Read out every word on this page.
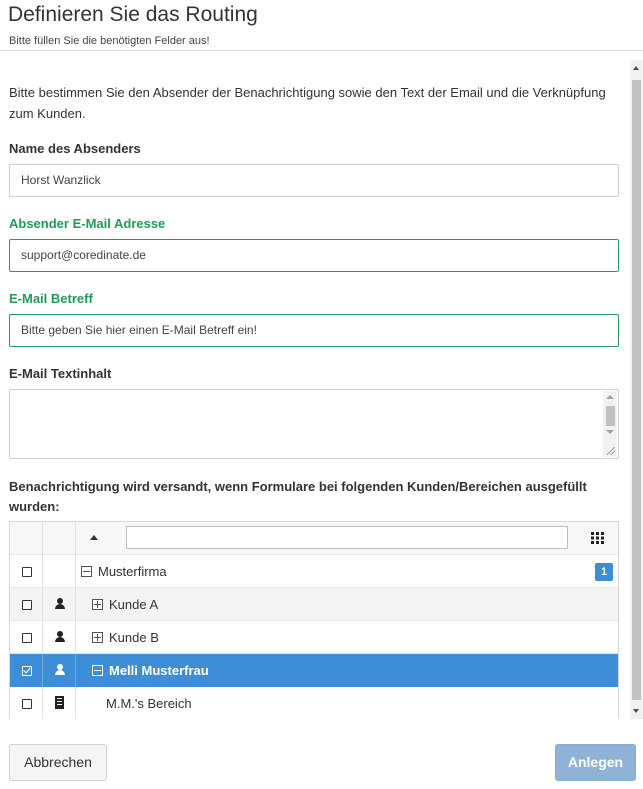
Definieren Sie das Routing
Bitte füllen Sie die benötigten Felder aus!
Bitte bestimmen Sie den Absender der Benachrichtigung sowie den Text der Email und die Verknüpfung zum Kunden.
Name des Absenders
Horst Wanzlick
Absender E-Mail Adresse
support@coredinate.de
E-Mail Betreff
Bitte geben Sie hier einen E-Mail Betreff ein!
E-Mail Textinhalt
Benachrichtigung wird versandt, wenn Formulare bei folgenden Kunden/Bereichen ausgefüllt wurden:
Musterfirma	1
Kunde A
Kunde B
Melli Musterfrau
M.M.'s Bereich
Abbrechen	Anlegen
